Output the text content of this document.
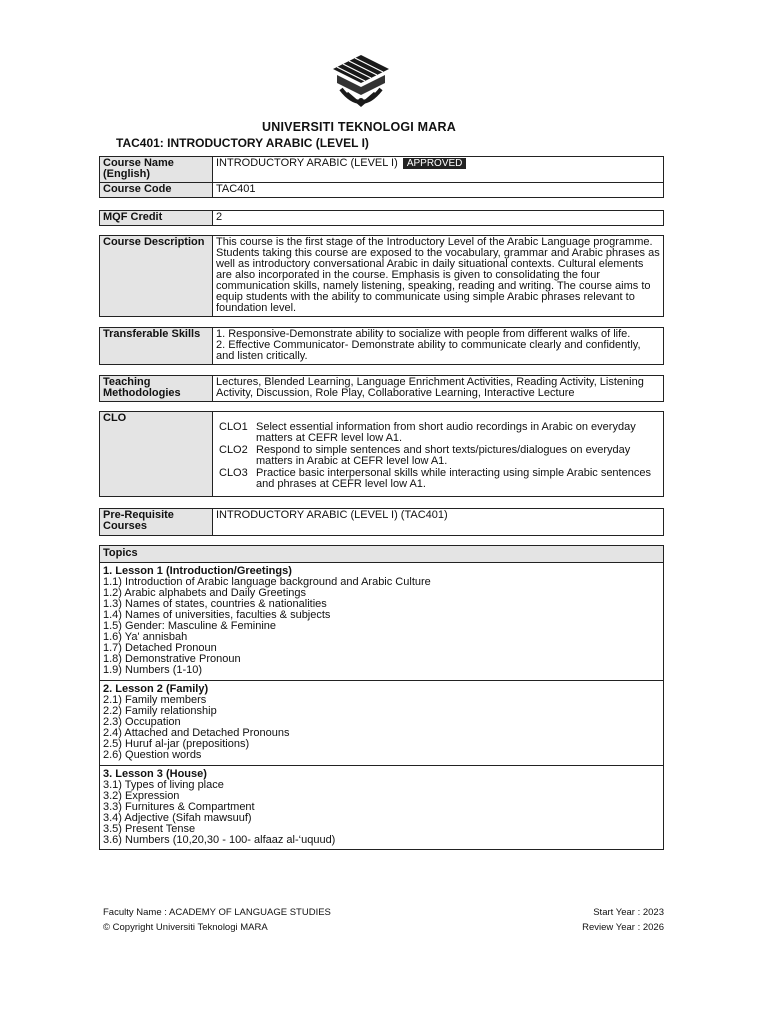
UNIVERSITI TEKNOLOGI MARA
TAC401: INTRODUCTORY ARABIC (LEVEL I)
Course Name (English)	INTRODUCTORY ARABIC (LEVEL I) APPROVED
Course Code	TAC401
MQF Credit	2
Course Description	This course is the first stage of the Introductory Level of the Arabic Language programme. Students taking this course are exposed to the vocabulary, grammar and Arabic phrases as well as introductory conversational Arabic in daily situational contexts. Cultural elements are also incorporated in the course. Emphasis is given to consolidating the four communication skills, namely listening, speaking, reading and writing. The course aims to equip students with the ability to communicate using simple Arabic phrases relevant to foundation level.
Transferable Skills	1. Responsive-Demonstrate ability to socialize with people from different walks of life.
2. Effective Communicator- Demonstrate ability to communicate clearly and confidently, and listen critically.
Teaching Methodologies	Lectures, Blended Learning, Language Enrichment Activities, Reading Activity, Listening Activity, Discussion, Role Play, Collaborative Learning, Interactive Lecture
CLO	
CLO1 Select essential information from short audio recordings in Arabic on everyday matters at CEFR level low A1.
CLO2 Respond to simple sentences and short texts/pictures/dialogues on everyday matters in Arabic at CEFR level low A1.
CLO3 Practice basic interpersonal skills while interacting using simple Arabic sentences and phrases at CEFR level low A1.
Pre-Requisite Courses	INTRODUCTORY ARABIC (LEVEL I) (TAC401)
Topics

1. Lesson 1 (Introduction/Greetings)
1.1) Introduction of Arabic language background and Arabic Culture
1.2) Arabic alphabets and Daily Greetings
1.3) Names of states, countries & nationalities
1.4) Names of universities, faculties & subjects
1.5) Gender: Masculine & Feminine
1.6) Ya' annisbah
1.7) Detached Pronoun
1.8) Demonstrative Pronoun
1.9) Numbers (1-10)

2. Lesson 2 (Family)
2.1) Family members
2.2) Family relationship
2.3) Occupation
2.4) Attached and Detached Pronouns
2.5) Huruf al-jar (prepositions)
2.6) Question words

3. Lesson 3 (House)
3.1) Types of living place
3.2) Expression
3.3) Furnitures & Compartment
3.4) Adjective (Sifah mawsuuf)
3.5) Present Tense
3.6) Numbers (10,20,30 - 100- alfaaz al-‘uquud)
Faculty Name : ACADEMY OF LANGUAGE STUDIES
© Copyright Universiti Teknologi MARA
Start Year : 2023
Review Year : 2026
